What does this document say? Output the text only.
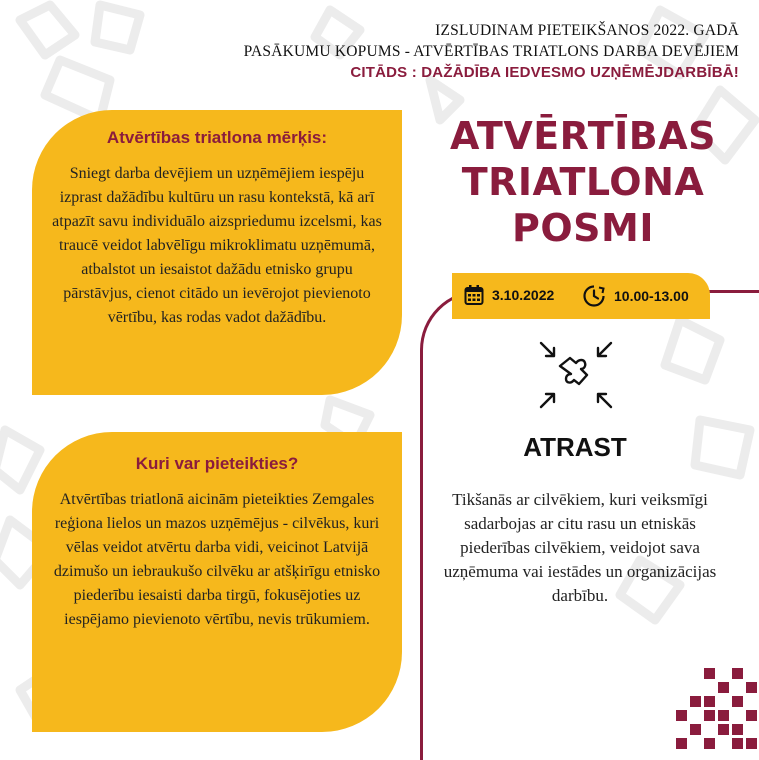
IZSLUDINAM PIETEIKŠANOS 2022. GADĀ
PASĀKUMU KOPUMS - ATVĒRTĪBAS TRIATLONS DARBA DEVĒJIEM
CITĀDS : DAŽĀDĪBA IEDVESMO UZŅĒMĒJDARBĪBĀ!
Atvērtības triatlona mērķis:
Sniegt darba devējiem un uzņēmējiem iespēju izprast dažādību kultūru un rasu kontekstā, kā arī atpazīt savu individuālo aizspriedumu izcelsmi, kas traucē veidot labvēlīgu mikroklimatu uzņēmumā, atbalstot un iesaistot dažādu etnisko grupu pārstāvjus, cienot citādo un ievērojot pievienoto vērtību, kas rodas vadot dažādību.
Kuri var pieteikties?
Atvērtības triatlonā aicinām pieteikties Zemgales reģiona lielos un mazos uzņēmējus - cilvēkus, kuri vēlas veidot atvērtu darba vidi, veicinot Latvijā dzimušo un iebraukušo cilvēku ar atšķirīgu etnisko piederību iesaisti darba tirgū, fokusējoties uz iespējamo pievienoto vērtību, nevis trūkumiem.
ATVĒRTĪBAS
TRIATLONA
POSMI
3.10.2022	10.00-13.00
ATRAST
Tikšanās ar cilvēkiem, kuri veiksmīgi sadarbojas ar citu rasu un etniskās piederības cilvēkiem, veidojot sava uzņēmuma vai iestādes un organizācijas darbību.
